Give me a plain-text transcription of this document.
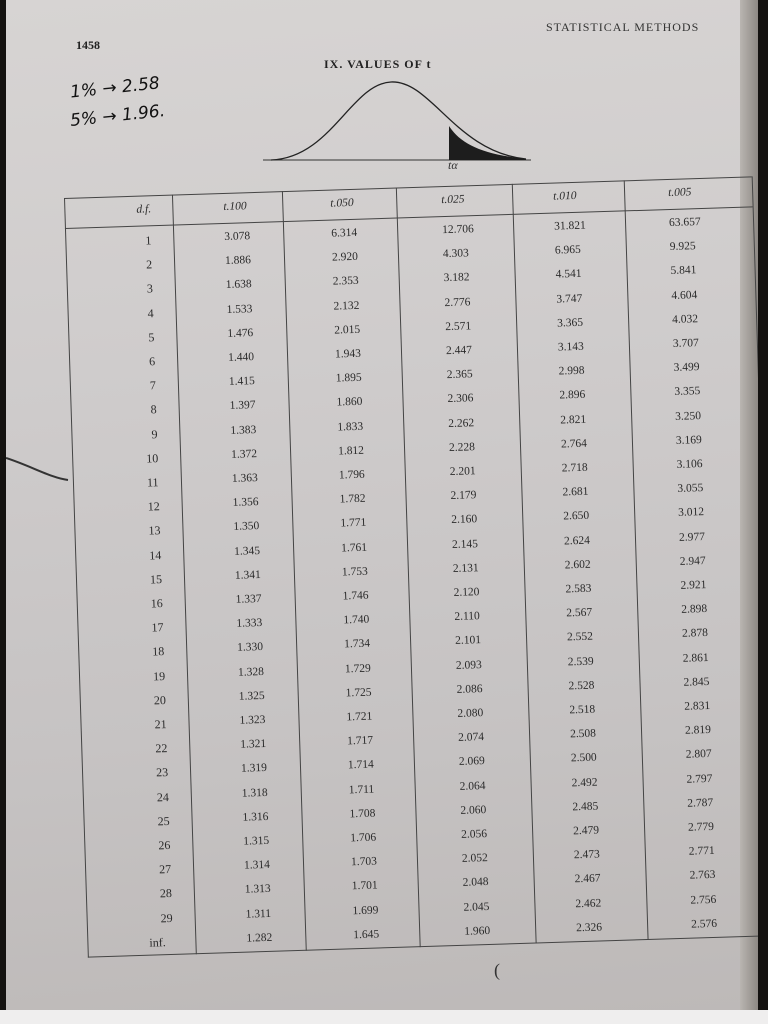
1458
STATISTICAL METHODS
IX. VALUES OF t
1% → 2.58
5% → 1.96.
tα
d.f.	t.100	t.050	t.025	t.010	t.005
1	3.078	6.314	12.706	31.821	63.657
2	1.886	2.920	4.303	6.965	9.925
3	1.638	2.353	3.182	4.541	5.841
4	1.533	2.132	2.776	3.747	4.604
5	1.476	2.015	2.571	3.365	4.032
6	1.440	1.943	2.447	3.143	3.707
7	1.415	1.895	2.365	2.998	3.499
8	1.397	1.860	2.306	2.896	3.355
9	1.383	1.833	2.262	2.821	3.250
10	1.372	1.812	2.228	2.764	3.169
11	1.363	1.796	2.201	2.718	3.106
12	1.356	1.782	2.179	2.681	3.055
13	1.350	1.771	2.160	2.650	3.012
14	1.345	1.761	2.145	2.624	2.977
15	1.341	1.753	2.131	2.602	2.947
16	1.337	1.746	2.120	2.583	2.921
17	1.333	1.740	2.110	2.567	2.898
18	1.330	1.734	2.101	2.552	2.878
19	1.328	1.729	2.093	2.539	2.861
20	1.325	1.725	2.086	2.528	2.845
21	1.323	1.721	2.080	2.518	2.831
22	1.321	1.717	2.074	2.508	2.819
23	1.319	1.714	2.069	2.500	2.807
24	1.318	1.711	2.064	2.492	2.797
25	1.316	1.708	2.060	2.485	2.787
26	1.315	1.706	2.056	2.479	2.779
27	1.314	1.703	2.052	2.473	2.771
28	1.313	1.701	2.048	2.467	2.763
29	1.311	1.699	2.045	2.462	2.756
inf.	1.282	1.645	1.960	2.326	2.576
(
